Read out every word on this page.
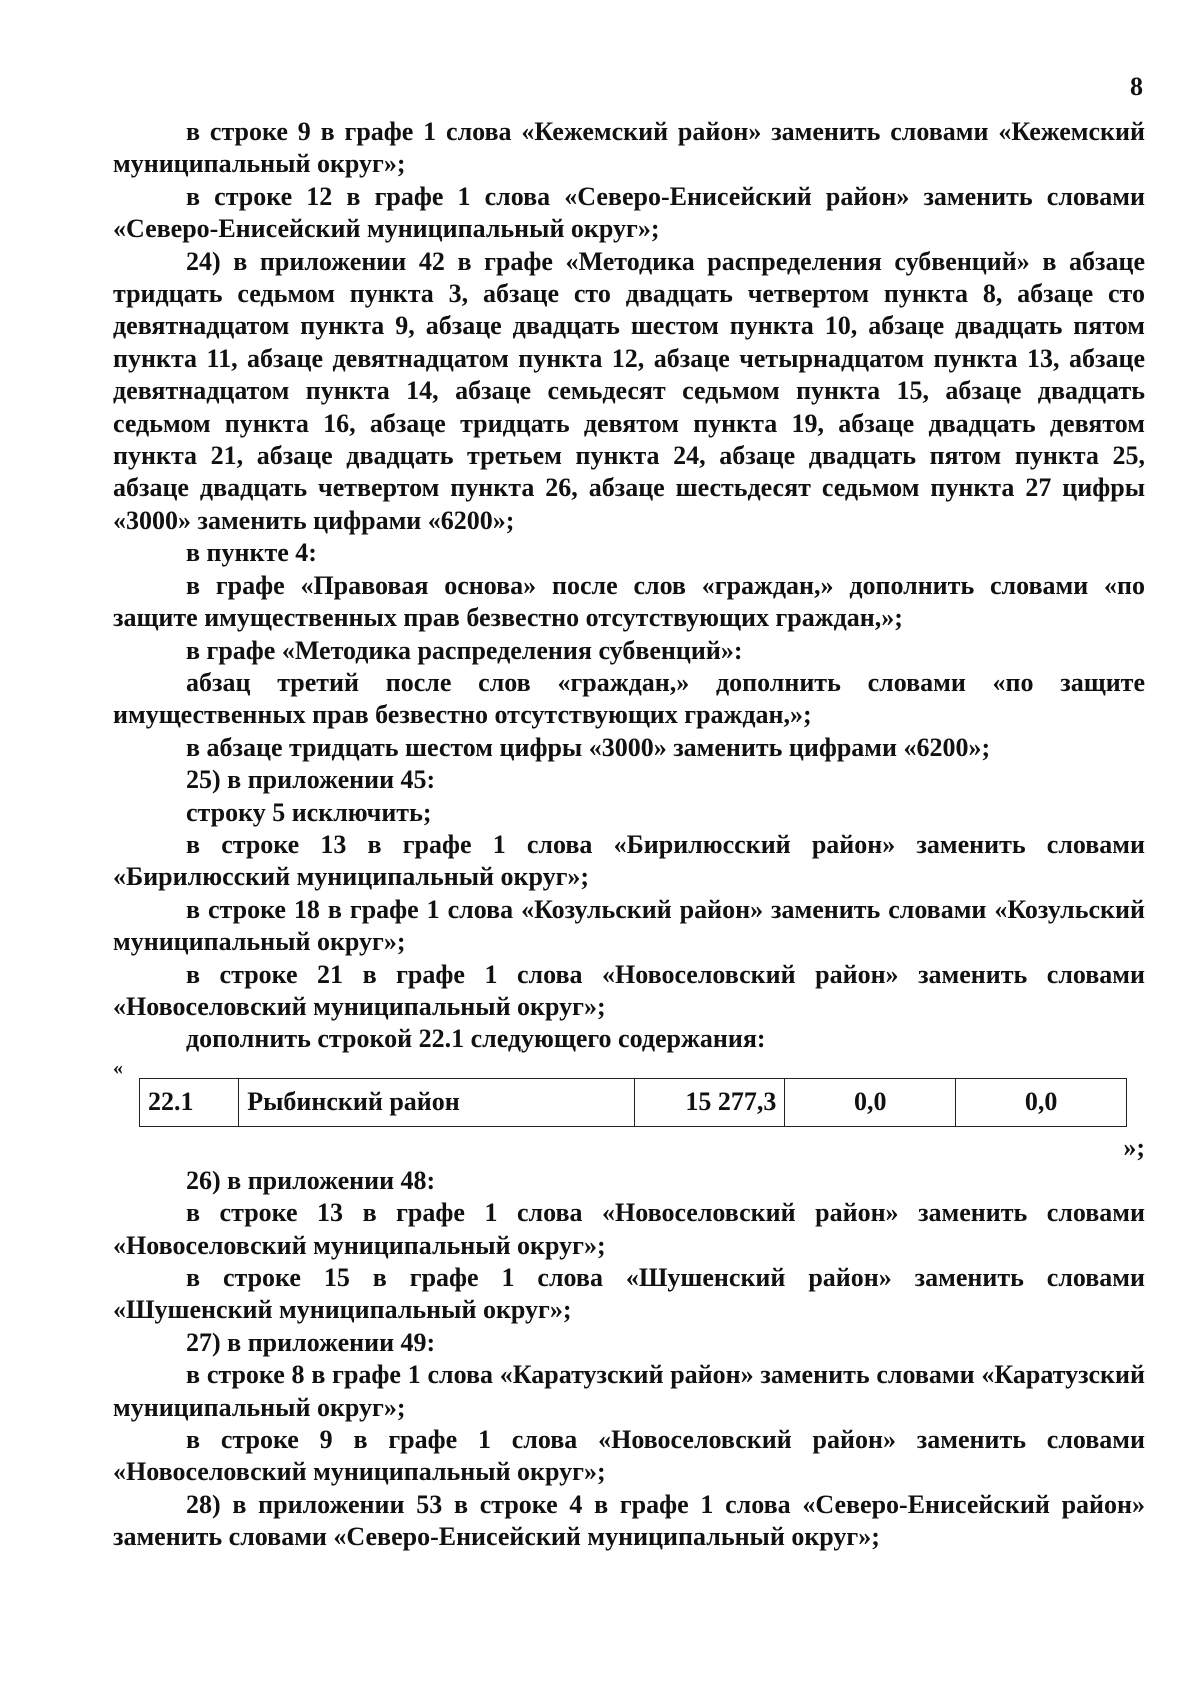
8

в строке 9 в графе 1 слова «Кежемский район» заменить словами «Кежемский муниципальный округ»;

в строке 12 в графе 1 слова «Северо-Енисейский район» заменить словами «Северо-Енисейский муниципальный округ»;

24) в приложении 42 в графе «Методика распределения субвенций» в абзаце тридцать седьмом пункта 3, абзаце сто двадцать четвертом пункта 8, абзаце сто девятнадцатом пункта 9, абзаце двадцать шестом пункта 10, абзаце двадцать пятом пункта 11, абзаце девятнадцатом пункта 12, абзаце четырнадцатом пункта 13, абзаце девятнадцатом пункта 14, абзаце семьдесят седьмом пункта 15, абзаце двадцать седьмом пункта 16, абзаце тридцать девятом пункта 19, абзаце двадцать девятом пункта 21, абзаце двадцать третьем пункта 24, абзаце двадцать пятом пункта 25, абзаце двадцать четвертом пункта 26, абзаце шестьдесят седьмом пункта 27 цифры «3000» заменить цифрами «6200»;

в пункте 4:

в графе «Правовая основа» после слов «граждан,» дополнить словами «по защите имущественных прав безвестно отсутствующих граждан,»;

в графе «Методика распределения субвенций»:

абзац третий после слов «граждан,» дополнить словами «по защите имущественных прав безвестно отсутствующих граждан,»;

в абзаце тридцать шестом цифры «3000» заменить цифрами «6200»;

25) в приложении 45:

строку 5 исключить;

в строке 13 в графе 1 слова «Бирилюсский район» заменить словами «Бирилюсский муниципальный округ»;

в строке 18 в графе 1 слова «Козульский район» заменить словами «Козульский муниципальный округ»;

в строке 21 в графе 1 слова «Новоселовский район» заменить словами «Новоселовский муниципальный округ»;

дополнить строкой 22.1 следующего содержания:

«
22.1	Рыбинский район	15 277,3	0,0	0,0
»;

26) в приложении 48:

в строке 13 в графе 1 слова «Новоселовский район» заменить словами «Новоселовский муниципальный округ»;

в строке 15 в графе 1 слова «Шушенский район» заменить словами «Шушенский муниципальный округ»;

27) в приложении 49:

в строке 8 в графе 1 слова «Каратузский район» заменить словами «Каратузский муниципальный округ»;

в строке 9 в графе 1 слова «Новоселовский район» заменить словами «Новоселовский муниципальный округ»;

28) в приложении 53 в строке 4 в графе 1 слова «Северо-Енисейский район» заменить словами «Северо-Енисейский муниципальный округ»;
